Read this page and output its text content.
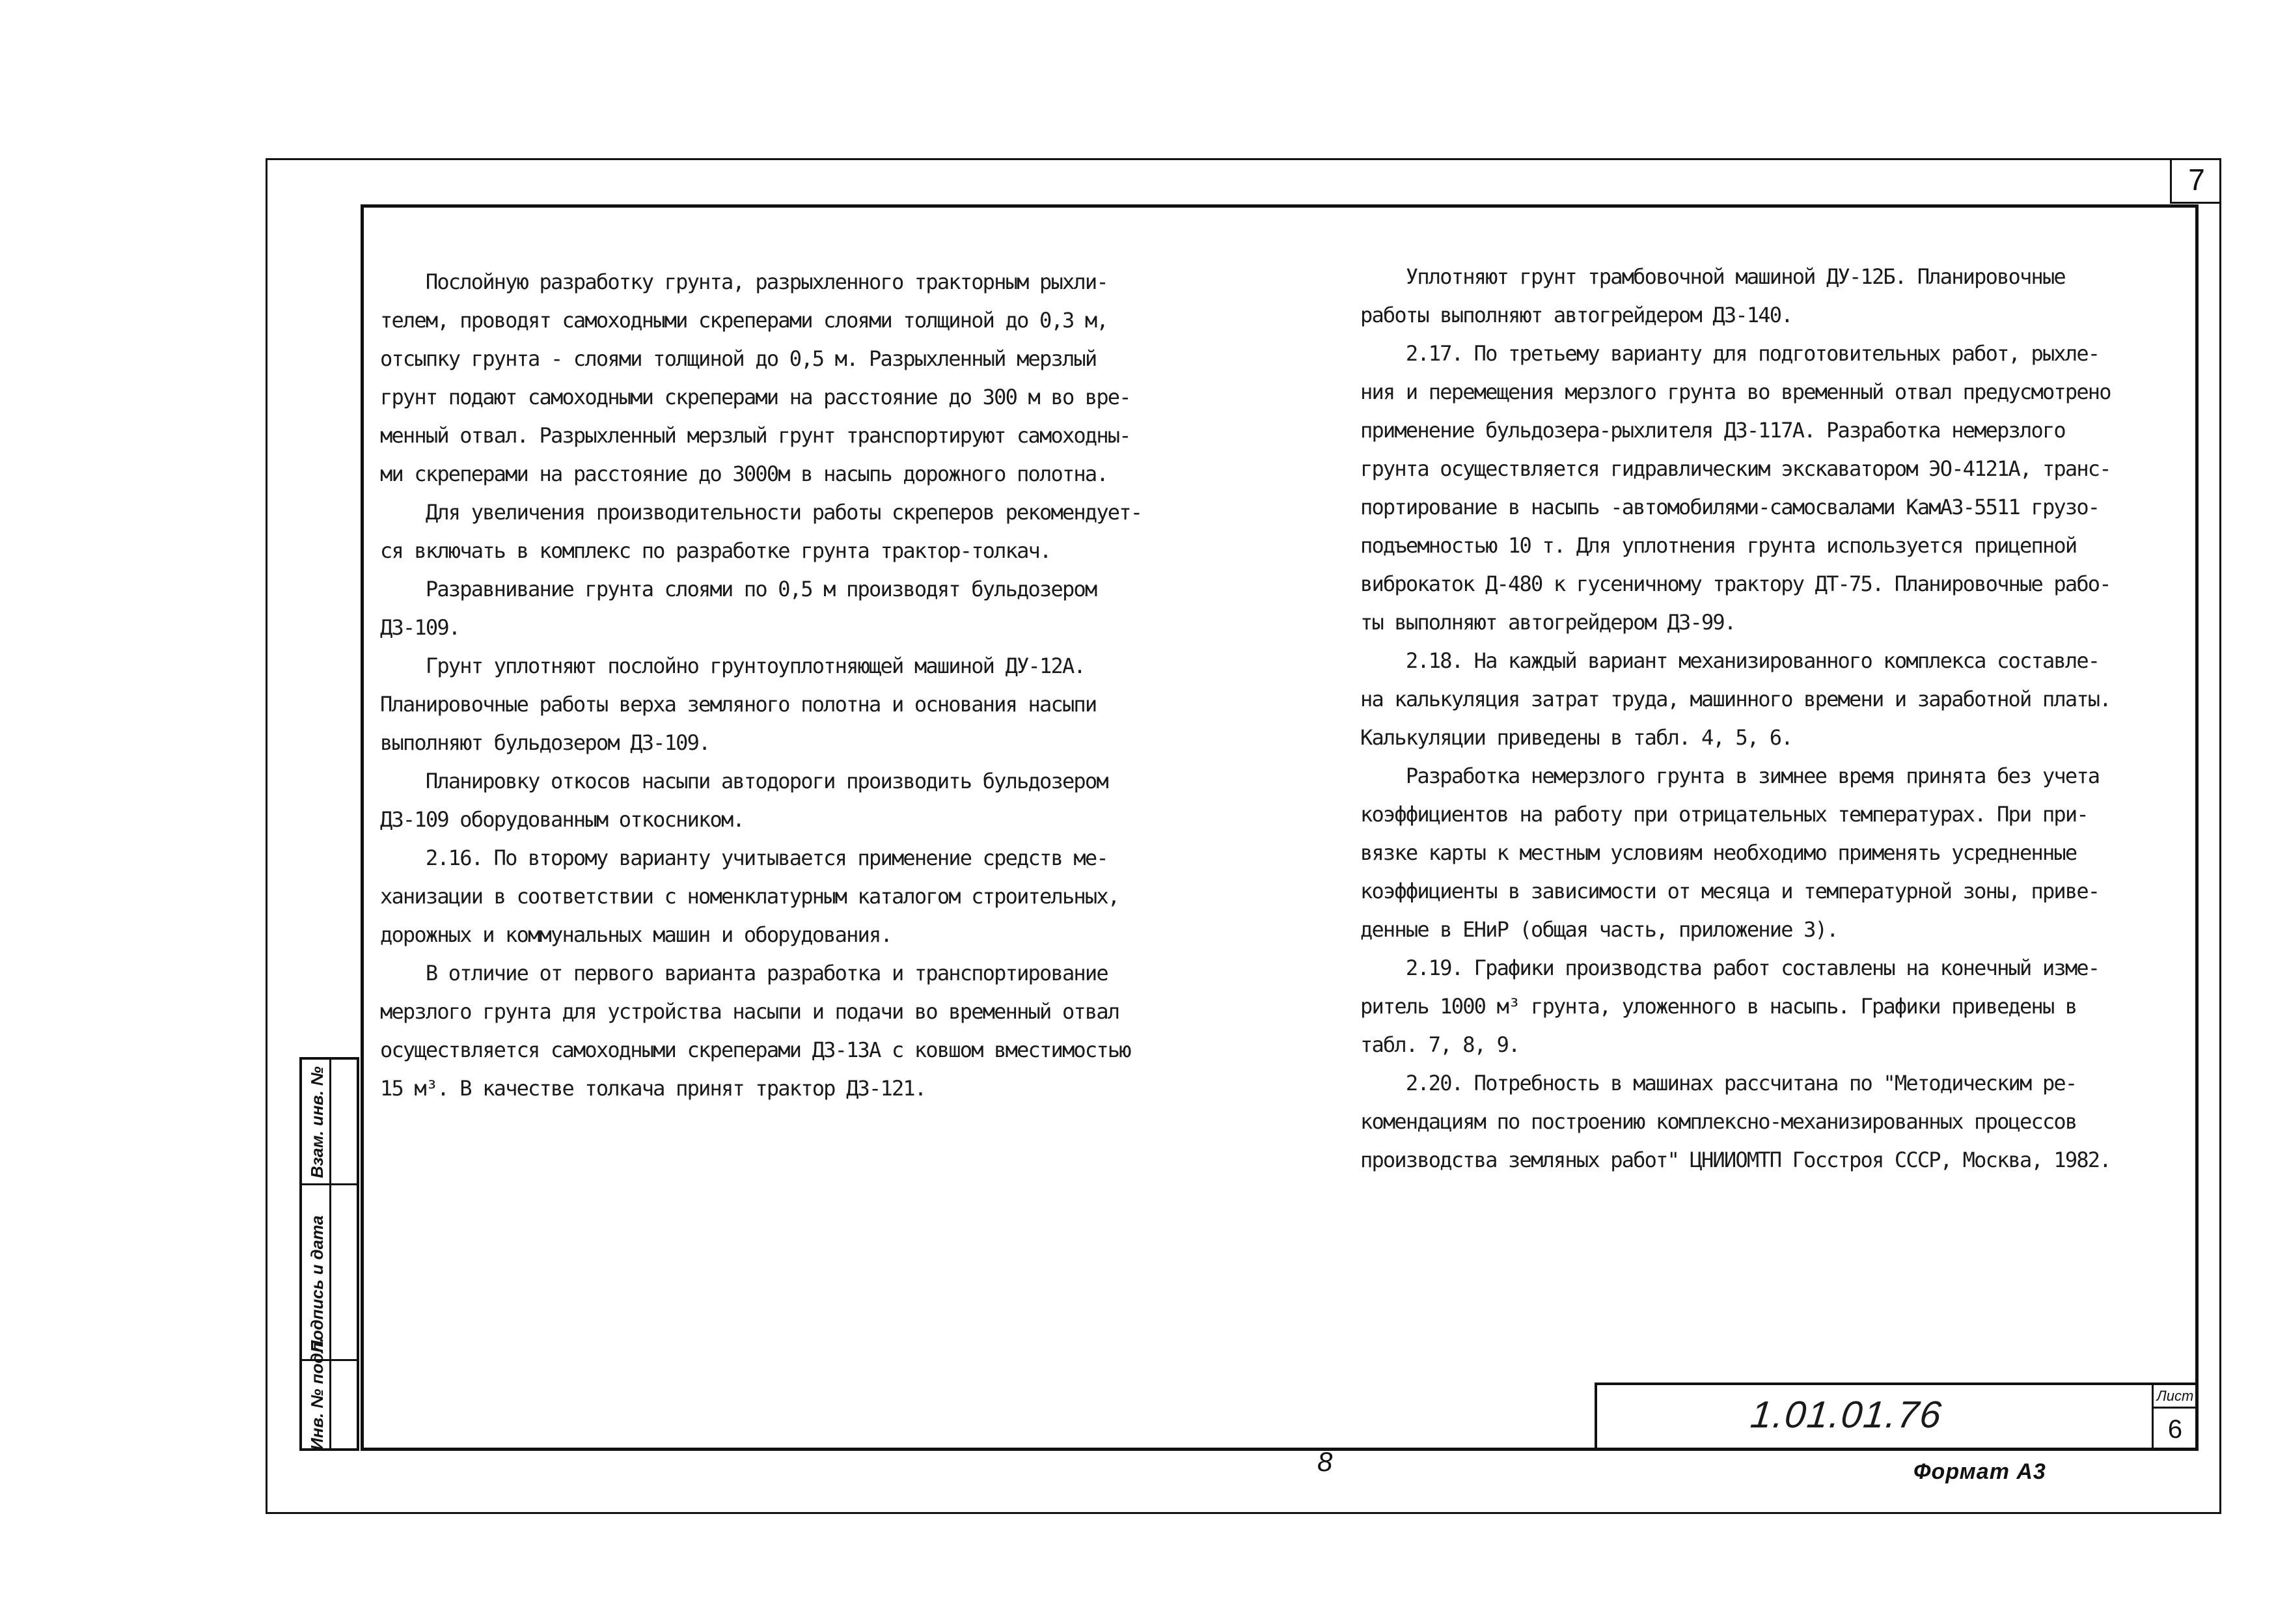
7

Послойную разработку грунта, разрыхленного тракторным рыхли-
телем, проводят самоходными скреперами слоями толщиной до 0,3 м,
отсыпку грунта - слоями толщиной до 0,5 м. Разрыхленный мерзлый
грунт подают самоходными скреперами на расстояние до 300 м во вре-
менный отвал. Разрыхленный мерзлый грунт транспортируют самоходны-
ми скреперами на расстояние до 3000м в насыпь дорожного полотна.

Для увеличения производительности работы скреперов рекомендует-
ся включать в комплекс по разработке грунта трактор-толкач.

Разравнивание грунта слоями по 0,5 м производят бульдозером
ДЗ-109.

Грунт уплотняют послойно грунтоуплотняющей машиной ДУ-12А.
Планировочные работы верха земляного полотна и основания насыпи
выполняют бульдозером ДЗ-109.

Планировку откосов насыпи автодороги производить бульдозером
ДЗ-109 оборудованным откосником.

2.16. По второму варианту учитывается применение средств ме-
ханизации в соответствии с номенклатурным каталогом строительных,
дорожных и коммунальных машин и оборудования.

В отличие от первого варианта разработка и транспортирование
мерзлого грунта для устройства насыпи и подачи во временный отвал
осуществляется самоходными скреперами ДЗ-13А с ковшом вместимостью
15 м³. В качестве толкача принят трактор ДЗ-121.

Уплотняют грунт трамбовочной машиной ДУ-12Б. Планировочные
работы выполняют автогрейдером ДЗ-140.

2.17. По третьему варианту для подготовительных работ, рыхле-
ния и перемещения мерзлого грунта во временный отвал предусмотрено
применение бульдозера-рыхлителя ДЗ-117А. Разработка немерзлого
грунта осуществляется гидравлическим экскаватором ЭО-4121А, транс-
портирование в насыпь -автомобилями-самосвалами КамАЗ-5511 грузо-
подъемностью 10 т. Для уплотнения грунта используется прицепной
виброкаток Д-480 к гусеничному трактору ДТ-75. Планировочные рабо-
ты выполняют автогрейдером ДЗ-99.

2.18. На каждый вариант механизированного комплекса составле-
на калькуляция затрат труда, машинного времени и заработной платы.
Калькуляции приведены в табл. 4, 5, 6.

Разработка немерзлого грунта в зимнее время принята без учета
коэффициентов на работу при отрицательных температурах. При при-
вязке карты к местным условиям необходимо применять усредненные
коэффициенты в зависимости от месяца и температурной зоны, приве-
денные в ЕНиР (общая часть, приложение 3).

2.19. Графики производства работ составлены на конечный изме-
ритель 1000 м³ грунта, уложенного в насыпь. Графики приведены в
табл. 7, 8, 9.

2.20. Потребность в машинах рассчитана по "Методическим ре-
комендациям по построению комплексно-механизированных процессов
производства земляных работ" ЦНИИОМТП Госстроя СССР, Москва, 1982.

Инв. № подл.
Подпись и дата
Взам. инв. №
1.01.01.76	Лист
6
8	Формат А3
